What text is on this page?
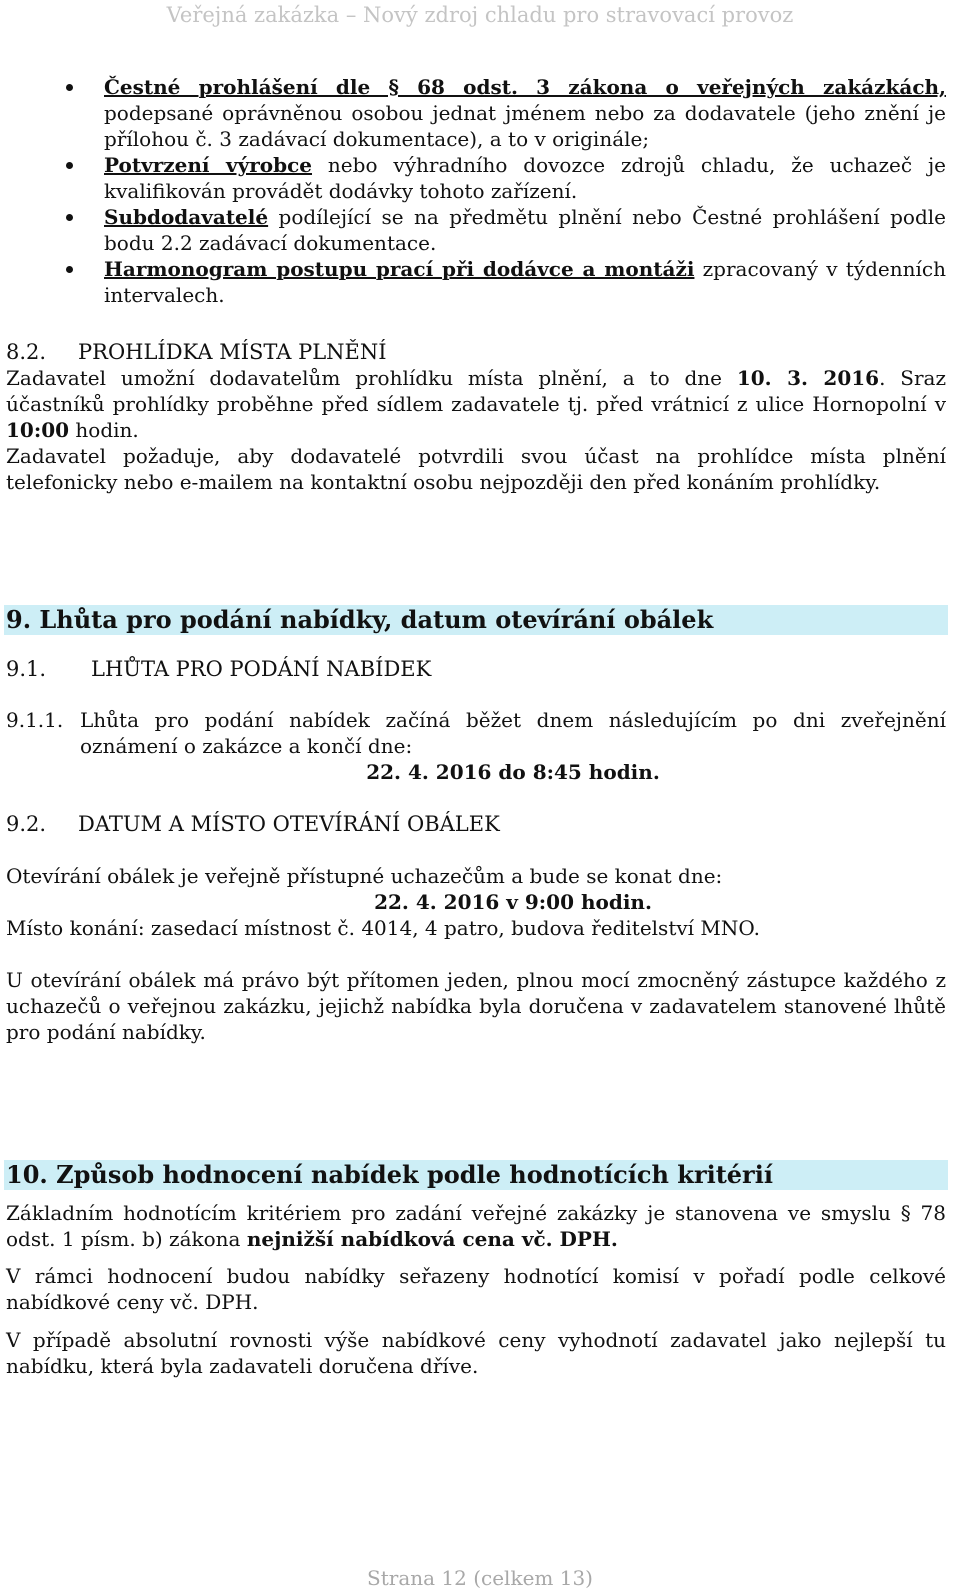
Veřejná zakázka – Nový zdroj chladu pro stravovací provoz
Čestné prohlášení dle § 68 odst. 3 zákona o veřejných zakázkách, podepsané oprávněnou osobou jednat jménem nebo za dodavatele (jeho znění je přílohou č. 3 zadávací dokumentace), a to v originále;
Potvrzení výrobce nebo výhradního dovozce zdrojů chladu, že uchazeč je kvalifikován provádět dodávky tohoto zařízení.
Subdodavatelé podílející se na předmětu plnění nebo Čestné prohlášení podle bodu 2.2 zadávací dokumentace.
Harmonogram postupu prací při dodávce a montáži zpracovaný v týdenních intervalech.
8.2. PROHLÍDKA MÍSTA PLNĚNÍ
Zadavatel umožní dodavatelům prohlídku místa plnění, a to dne 10. 3. 2016. Sraz účastníků prohlídky proběhne před sídlem zadavatele tj. před vrátnicí z ulice Hornopolní v 10:00 hodin.
Zadavatel požaduje, aby dodavatelé potvrdili svou účast na prohlídce místa plnění telefonicky nebo e-mailem na kontaktní osobu nejpozději den před konáním prohlídky.
9. Lhůta pro podání nabídky, datum otevírání obálek
9.1. LHŮTA PRO PODÁNÍ NABÍDEK
9.1.1. Lhůta pro podání nabídek začíná běžet dnem následujícím po dni zveřejnění oznámení o zakázce a končí dne:
22. 4. 2016 do 8:45 hodin.
9.2. DATUM A MÍSTO OTEVÍRÁNÍ OBÁLEK
Otevírání obálek je veřejně přístupné uchazečům a bude se konat dne:
22. 4. 2016 v 9:00 hodin.
Místo konání: zasedací místnost č. 4014, 4 patro, budova ředitelství MNO.
U otevírání obálek má právo být přítomen jeden, plnou mocí zmocněný zástupce každého z uchazečů o veřejnou zakázku, jejichž nabídka byla doručena v zadavatelem stanovené lhůtě pro podání nabídky.
10. Způsob hodnocení nabídek podle hodnotících kritérií
Základním hodnotícím kritériem pro zadání veřejné zakázky je stanovena ve smyslu § 78 odst. 1 písm. b) zákona nejnižší nabídková cena vč. DPH.
V rámci hodnocení budou nabídky seřazeny hodnotící komisí v pořadí podle celkové nabídkové ceny vč. DPH.
V případě absolutní rovnosti výše nabídkové ceny vyhodnotí zadavatel jako nejlepší tu nabídku, která byla zadavateli doručena dříve.
Strana 12 (celkem 13)
